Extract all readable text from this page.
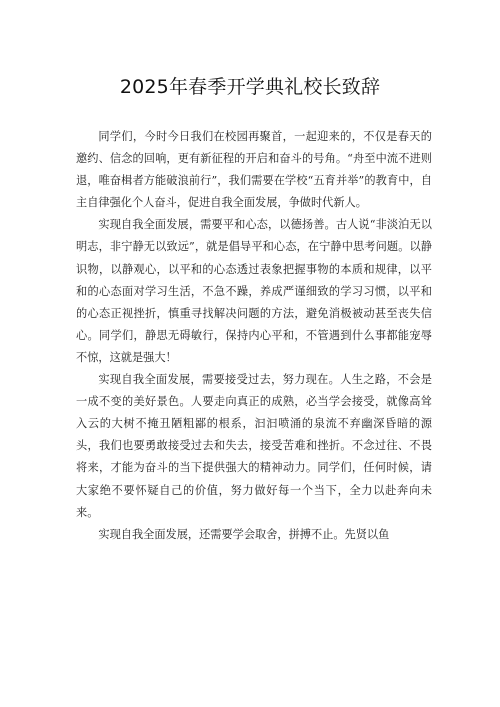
2025年春季开学典礼校长致辞

同学们，今时今日我们在校园再聚首，一起迎来的，不仅是春天的邀约、信念的回响，更有新征程的开启和奋斗的号角。“舟至中流不进则退，唯奋楫者方能破浪前行”，我们需要在学校“五育并举”的教育中，自主自律强化个人奋斗，促进自我全面发展，争做时代新人。

实现自我全面发展，需要平和心态，以德扬善。古人说“非淡泊无以明志，非宁静无以致远”，就是倡导平和心态，在宁静中思考问题。以静识物，以静观心，以平和的心态透过表象把握事物的本质和规律，以平和的心态面对学习生活，不急不躁，养成严谨细致的学习习惯，以平和的心态正视挫折，慎重寻找解决问题的方法，避免消极被动甚至丧失信心。同学们，静思无碍敏行，保持内心平和，不管遇到什么事都能宠辱不惊，这就是强大！

实现自我全面发展，需要接受过去，努力现在。人生之路，不会是一成不变的美好景色。人要走向真正的成熟，必当学会接受，就像高耸入云的大树不掩丑陋粗鄙的根系，汩汩喷涌的泉流不弃幽深昏暗的源头，我们也要勇敢接受过去和失去，接受苦难和挫折。不念过往、不畏将来，才能为奋斗的当下提供强大的精神动力。同学们，任何时候，请大家绝不要怀疑自己的价值，努力做好每一个当下，全力以赴奔向未来。

实现自我全面发展，还需要学会取舍，拼搏不止。先贤以鱼
